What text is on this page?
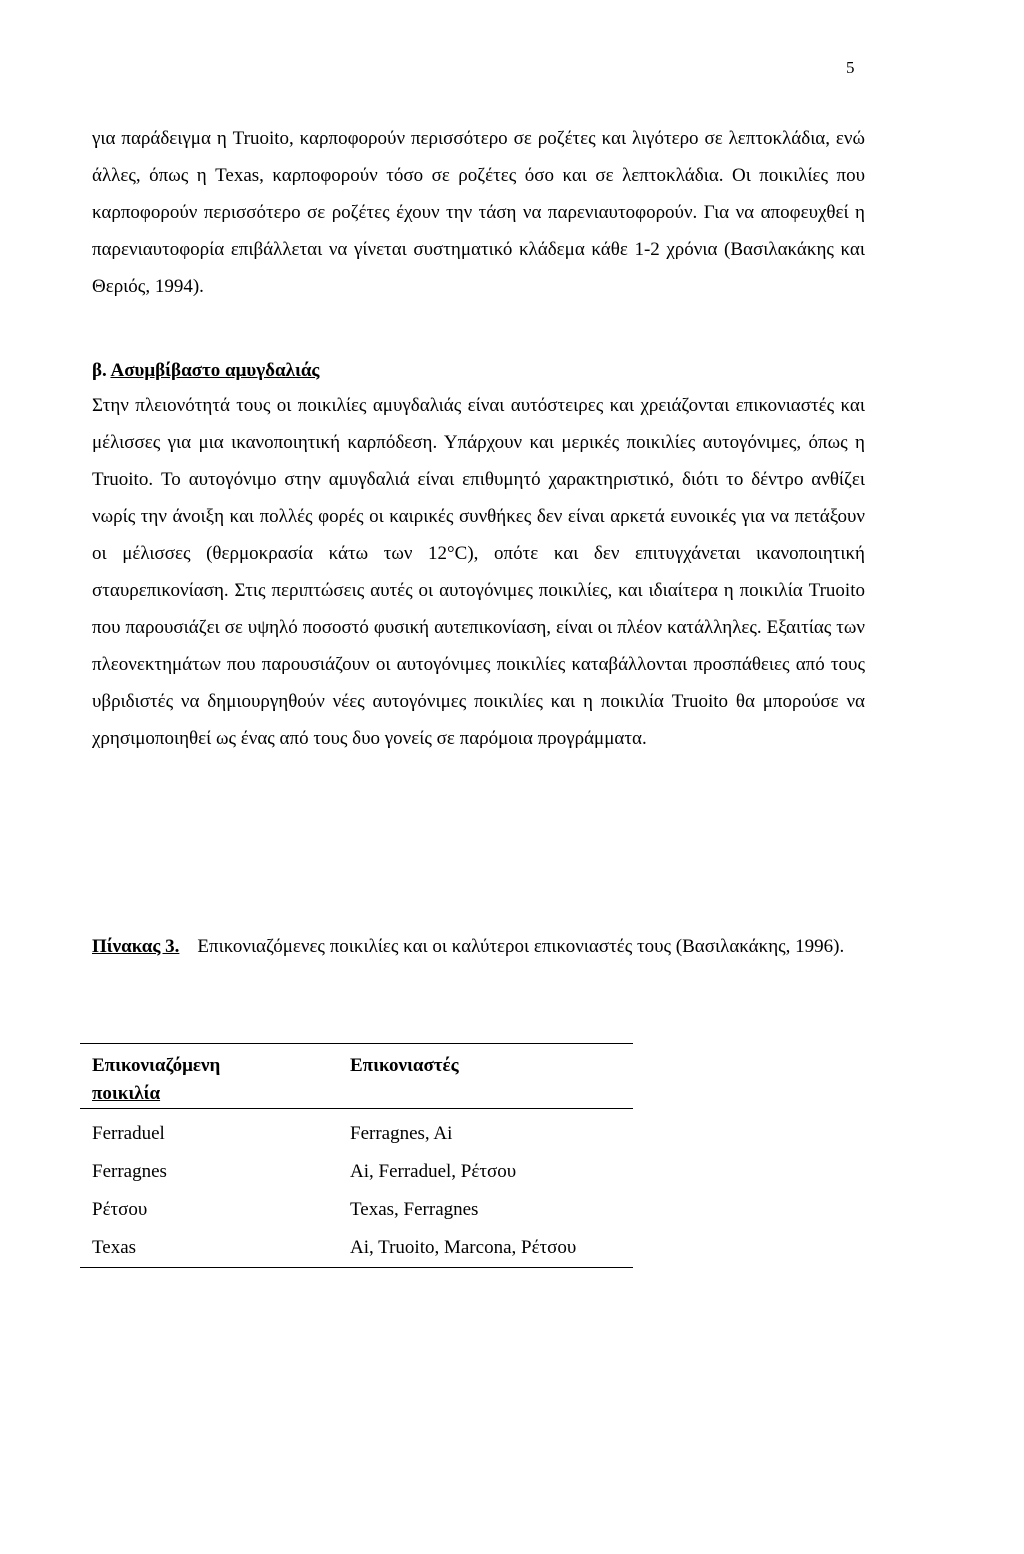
5

για παράδειγμα η Truoito, καρποφορούν περισσότερο σε ροζέτες και λιγότερο σε λεπτοκλάδια, ενώ άλλες, όπως η Texas, καρποφορούν τόσο σε ροζέτες όσο και σε λεπτοκλάδια. Οι ποικιλίες που καρποφορούν περισσότερο σε ροζέτες έχουν την τάση να παρενιαυτοφορούν. Για να αποφευχθεί η παρενιαυτοφορία επιβάλλεται να γίνεται συστηματικό κλάδεμα κάθε 1-2 χρόνια (Βασιλακάκης και Θεριός, 1994).

β. Ασυμβίβαστο αμυγδαλιάς

Στην πλειονότητά τους οι ποικιλίες αμυγδαλιάς είναι αυτόστειρες και χρειάζονται επικονιαστές και μέλισσες για μια ικανοποιητική καρπόδεση. Υπάρχουν και μερικές ποικιλίες αυτογόνιμες, όπως η Truoito. Το αυτογόνιμο στην αμυγδαλιά είναι επιθυμητό χαρακτηριστικό, διότι το δέντρο ανθίζει νωρίς την άνοιξη και πολλές φορές οι καιρικές συνθήκες δεν είναι αρκετά ευνοικές για να πετάξουν οι μέλισσες (θερμοκρασία κάτω των 12°C), οπότε και δεν επιτυγχάνεται ικανοποιητική σταυρεπικονίαση. Στις περιπτώσεις αυτές οι αυτογόνιμες ποικιλίες, και ιδιαίτερα η ποικιλία Truoito που παρουσιάζει σε υψηλό ποσοστό φυσική αυτεπικονίαση, είναι οι πλέον κατάλληλες. Εξαιτίας των πλεονεκτημάτων που παρουσιάζουν οι αυτογόνιμες ποικιλίες καταβάλλονται προσπάθειες από τους υβριδιστές να δημιουργηθούν νέες αυτογόνιμες ποικιλίες και η ποικιλία Truoito θα μπορούσε να χρησιμοποιηθεί ως ένας από τους δυο γονείς σε παρόμοια προγράμματα.

Πίνακας 3. Επικονιαζόμενες ποικιλίες και οι καλύτεροι επικονιαστές τους (Βασιλακάκης, 1996).

Επικονιαζόμενη
ποικιλία	Επικονιαστές
Ferraduel	Ferragnes, Ai
Ferragnes	Ai, Ferraduel, Ρέτσου
Ρέτσου	Texas, Ferragnes
Texas	Ai, Truoito, Marcona, Ρέτσου
